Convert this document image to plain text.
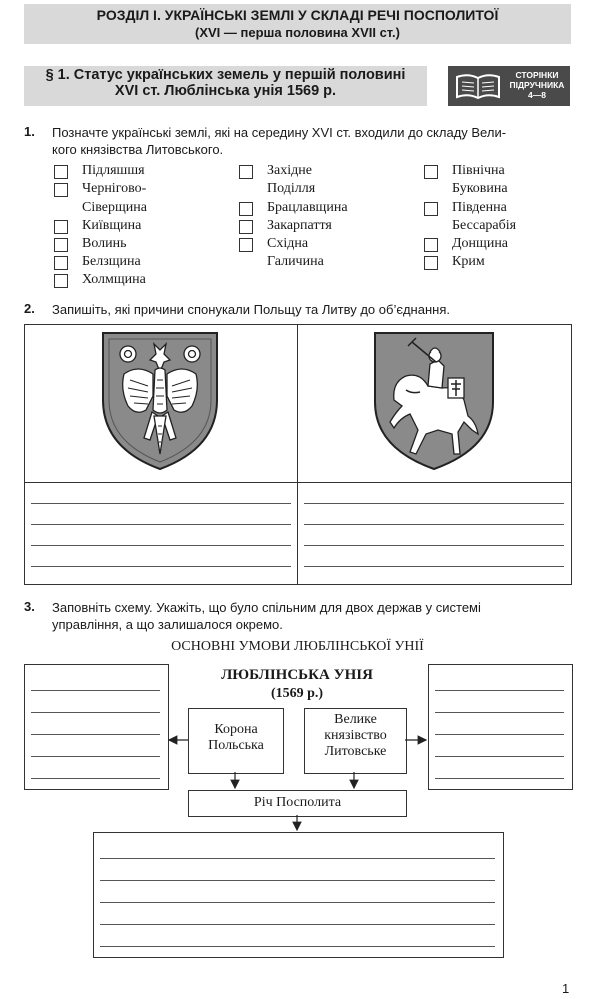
РОЗДІЛ І. УКРАЇНСЬКІ ЗЕМЛІ У СКЛАДІ РЕЧІ ПОСПОЛИТОЇ
(XVI — перша половина XVII ст.)
§ 1. Статус українських земель у першій половині
XVI ст. Люблінська унія 1569 р.
СТОРІНКИ
ПІДРУЧНИКА
4—8
1. Позначте українські землі, які на середину XVI ст. входили до складу Вели-
кого князівства Литовського.
Підляшшя
Чернігово-
Сіверщина
Київщина
Волинь
Белзщина
Холмщина
Західне
Поділля
Брацлавщина
Закарпаття
Східна
Галичина
Північна
Буковина
Південна
Бессарабія
Донщина
Крим
2. Запишіть, які причини спонукали Польщу та Литву до об’єднання.
3. Заповніть схему. Укажіть, що було спільним для двох держав у системі
управління, а що залишалося окремо.
ОСНОВНІ УМОВИ ЛЮБЛІНСЬКОЇ УНІЇ
ЛЮБЛІНСЬКА УНІЯ
(1569 р.)
Корона
Польська
Велике
князівство
Литовське
Річ Посполита
1
